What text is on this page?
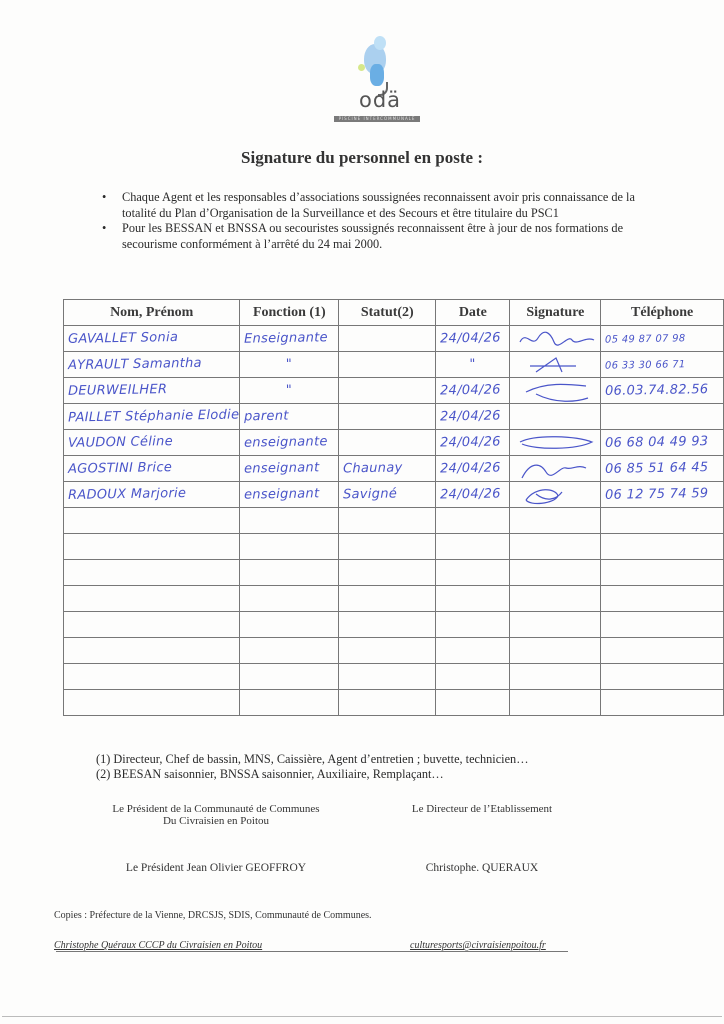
odä
PISCINE INTERCOMMUNALE
Signature du personnel en poste :
• Chaque Agent et les responsables d’associations soussignées reconnaissent avoir pris connaissance de la totalité du Plan d’Organisation de la Surveillance et des Secours et être titulaire du PSC1
• Pour les BESSAN et BNSSA ou secouristes soussignés reconnaissent être à jour de nos formations de secourisme conformément à l’arrêté du 24 mai 2000.
Nom, Prénom	Fonction (1)	Statut(2)	Date	Signature	Téléphone
GAVALLET Sonia	Enseignante		24/04/26		05 49 87 07 98
AYRAULT Samantha	"		"		06 33 30 66 71
DEURWEILHER	"		24/04/26		06.03.74.82.56
PAILLET Stéphanie Elodie	parent		24/04/26		
VAUDON Céline	enseignante		24/04/26		06 68 04 49 93
AGOSTINI Brice	enseignant	Chaunay	24/04/26		06 85 51 64 45
RADOUX Marjorie	enseignant	Savigné	24/04/26		06 12 75 74 59

(1) Directeur, Chef de bassin, MNS, Caissière, Agent d’entretien ; buvette, technicien…
(2) BEESAN saisonnier, BNSSA saisonnier, Auxiliaire, Remplaçant…
Le Président de la Communauté de Communes
Du Civraisien en Poitou
Le Directeur de l’Etablissement
Le Président Jean Olivier GEOFFROY	Christophe. QUERAUX
Copies : Préfecture de la Vienne, DRCSJS, SDIS, Communauté de Communes.
Christophe Quéraux CCCP du Civraisien en Poitou	culturesports@civraisienpoitou.fr
